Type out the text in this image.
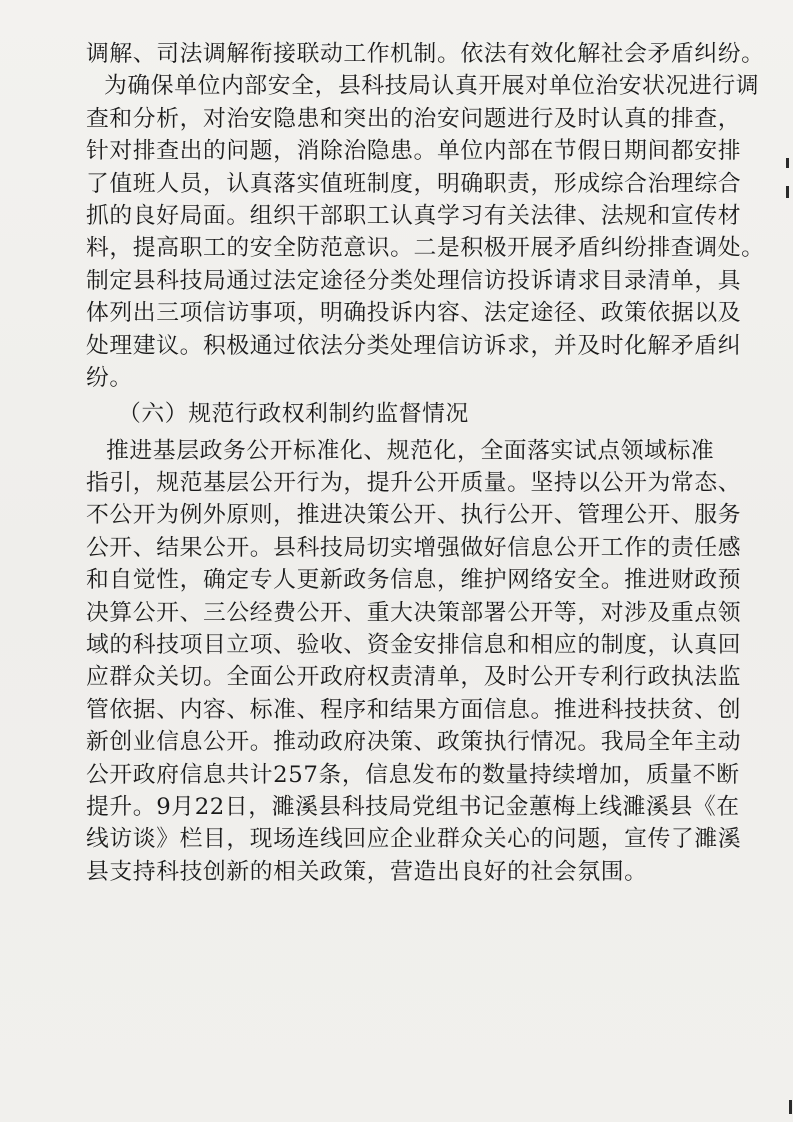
调解、司法调解衔接联动工作机制。依法有效化解社会矛盾纠纷。
为确保单位内部安全，县科技局认真开展对单位治安状况进行调
查和分析，对治安隐患和突出的治安问题进行及时认真的排查，
针对排查出的问题，消除治隐患。单位内部在节假日期间都安排
了值班人员，认真落实值班制度，明确职责，形成综合治理综合
抓的良好局面。组织干部职工认真学习有关法律、法规和宣传材
料，提高职工的安全防范意识。二是积极开展矛盾纠纷排查调处。
制定县科技局通过法定途径分类处理信访投诉请求目录清单，具
体列出三项信访事项，明确投诉内容、法定途径、政策依据以及
处理建议。积极通过依法分类处理信访诉求，并及时化解矛盾纠
纷。
（六）规范行政权利制约监督情况
推进基层政务公开标准化、规范化，全面落实试点领域标准
指引，规范基层公开行为，提升公开质量。坚持以公开为常态、
不公开为例外原则，推进决策公开、执行公开、管理公开、服务
公开、结果公开。县科技局切实增强做好信息公开工作的责任感
和自觉性，确定专人更新政务信息，维护网络安全。推进财政预
决算公开、三公经费公开、重大决策部署公开等，对涉及重点领
域的科技项目立项、验收、资金安排信息和相应的制度，认真回
应群众关切。全面公开政府权责清单，及时公开专利行政执法监
管依据、内容、标准、程序和结果方面信息。推进科技扶贫、创
新创业信息公开。推动政府决策、政策执行情况。我局全年主动
公开政府信息共计257条，信息发布的数量持续增加，质量不断
提升。9月22日，濉溪县科技局党组书记金蕙梅上线濉溪县《在
线访谈》栏目，现场连线回应企业群众关心的问题，宣传了濉溪
县支持科技创新的相关政策，营造出良好的社会氛围。
